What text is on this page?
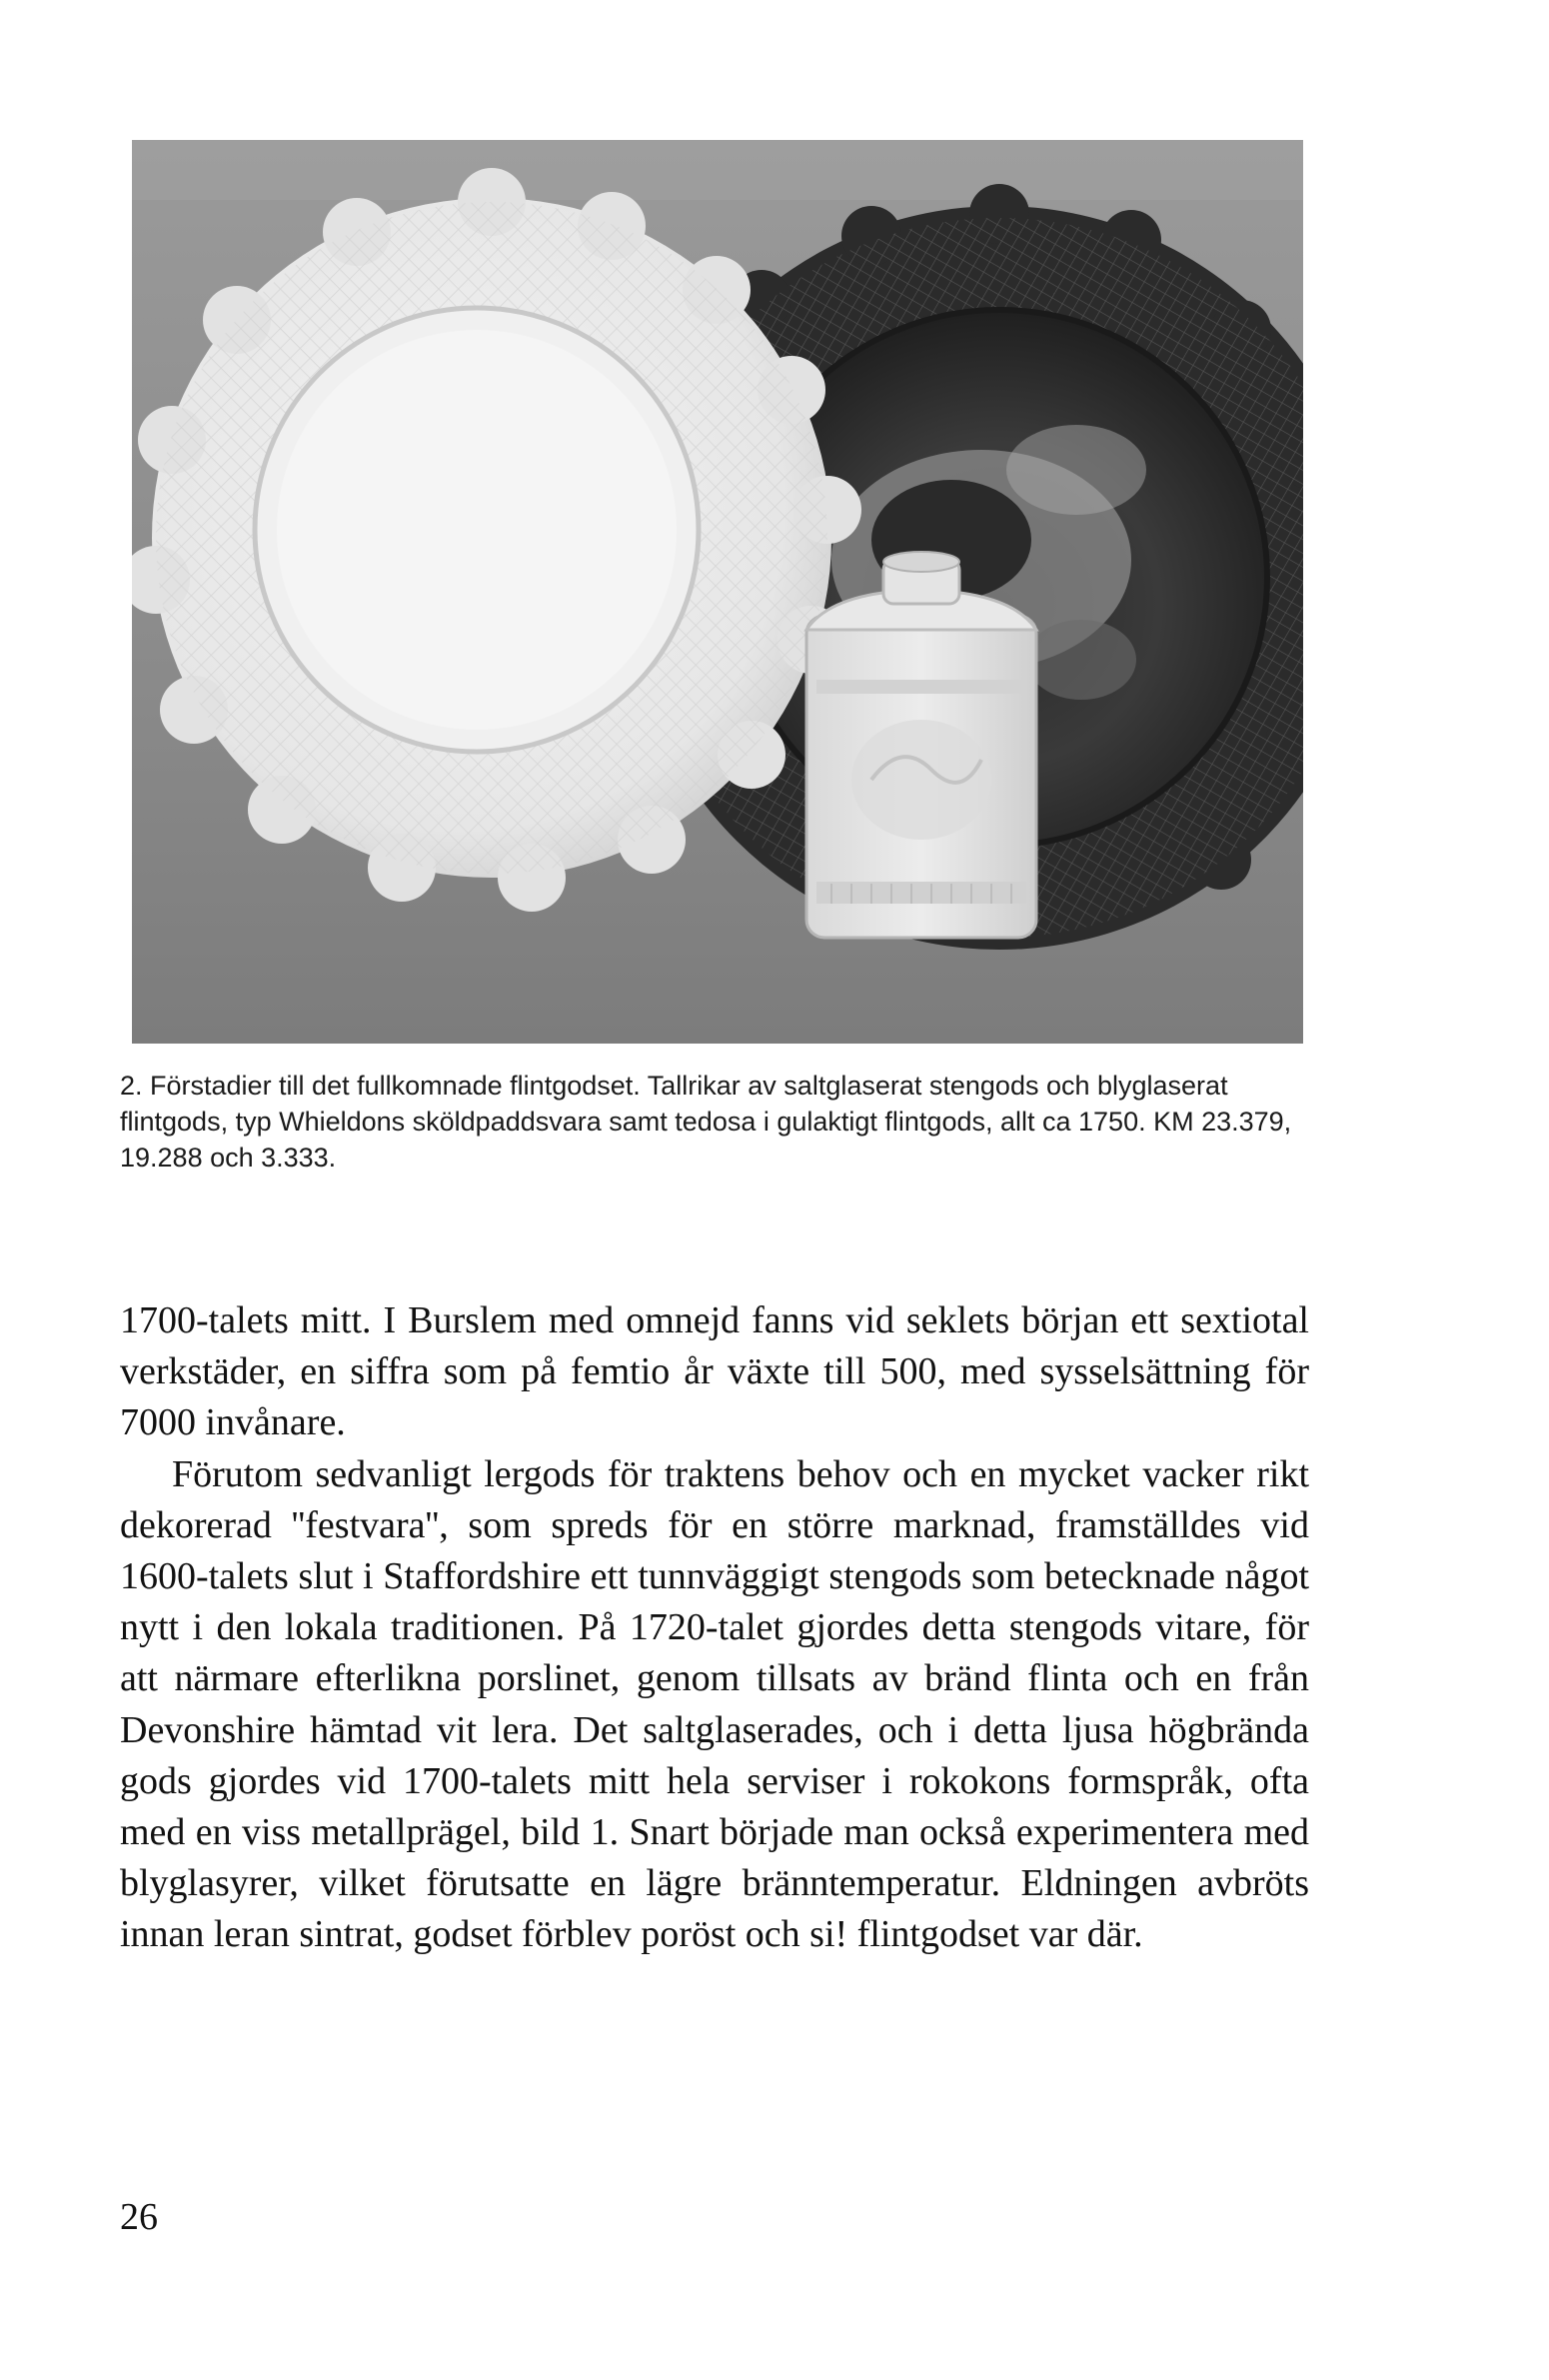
2. Förstadier till det fullkomnade flintgodset. Tallrikar av saltglaserat stengods och blyglaserat flintgods, typ Whieldons sköldpaddsvara samt tedosa i gulaktigt flintgods, allt ca 1750. KM 23.379, 19.288 och 3.333.

1700-talets mitt. I Burslem med omnejd fanns vid seklets början ett sextiotal verkstäder, en siffra som på femtio år växte till 500, med sysselsättning för 7000 invånare.

Förutom sedvanligt lergods för traktens behov och en mycket vacker rikt dekorerad ''festvara'', som spreds för en större marknad, framställdes vid 1600-talets slut i Staffordshire ett tunnväggigt stengods som betecknade något nytt i den lokala traditionen. På 1720-talet gjordes detta stengods vitare, för att närmare efterlikna porslinet, genom tillsats av bränd flinta och en från Devonshire hämtad vit lera. Det saltglaserades, och i detta ljusa högbrända gods gjordes vid 1700-talets mitt hela serviser i rokokons formspråk, ofta med en viss metallprägel, bild 1. Snart började man också experimentera med blyglasyrer, vilket förutsatte en lägre bränntemperatur. Eldningen avbröts innan leran sintrat, godset förblev poröst och si! flintgodset var där.

26
